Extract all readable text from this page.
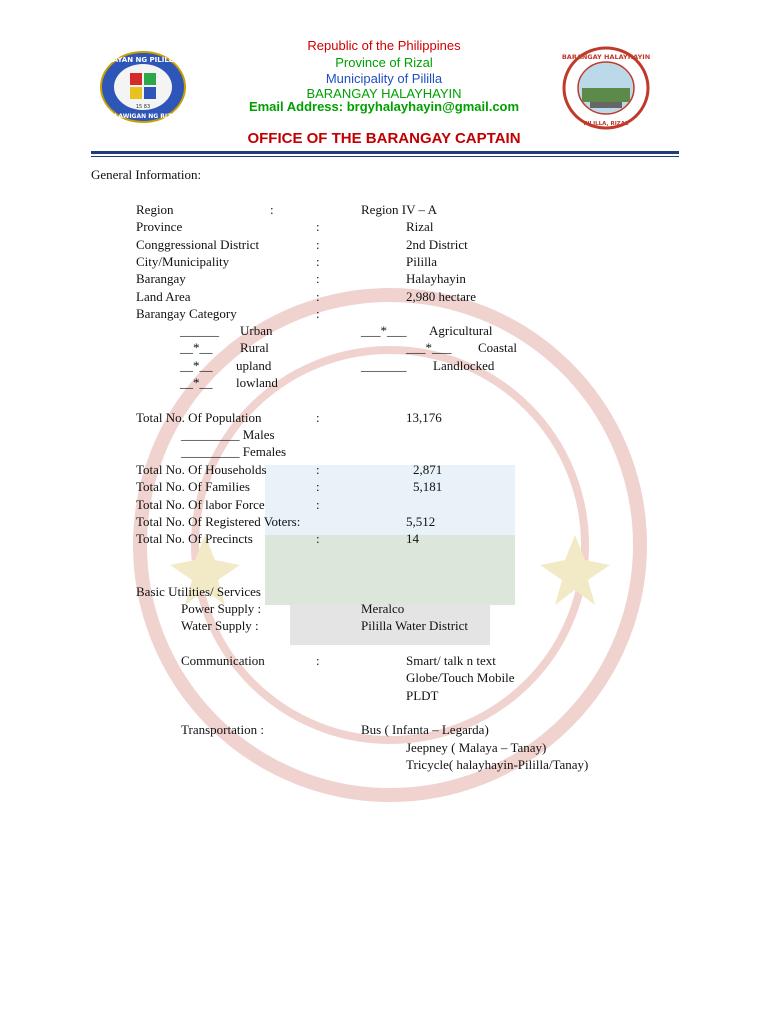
BAYAN NG PILILLA
LALAWIGAN NG RIZAL
15 83
BARANGAY HALAYHAYIN
PILILLA, RIZAL
Republic of the Philippines
Province of Rizal
Municipality of Pililla
BARANGAY HALAYHAYIN
Email Address: brgyhalayhayin@gmail.com
OFFICE OF THE BARANGAY CAPTAIN
General Information:
Region	:	Region IV – A
Province	:	Rizal
Conggressional District	:	2nd District
City/Municipality	:	Pililla
Barangay	:	Halayhayin
Land Area	:	2,980 hectare
Barangay Category	:
______ Urban
__*__ Rural
__*__ upland
__*__ lowland
___*___ Agricultural
___*___ Coastal
_______ Landlocked
Total No. Of Population	:	13,176
_________ Males
_________ Females
Total No. Of Households	:	2,871
Total No. Of Families	:	5,181
Total No. Of labor Force	:
Total No. Of Registered Voters:	5,512
Total No. Of Precincts	:	14
Basic Utilities/ Services
Power Supply :	Meralco
Water Supply :	Pililla Water District
Communication	:	Smart/ talk n text
Globe/Touch Mobile
PLDT
Transportation :	Bus ( Infanta – Legarda)
Jeepney ( Malaya – Tanay)
Tricycle( halayhayin-Pililla/Tanay)
